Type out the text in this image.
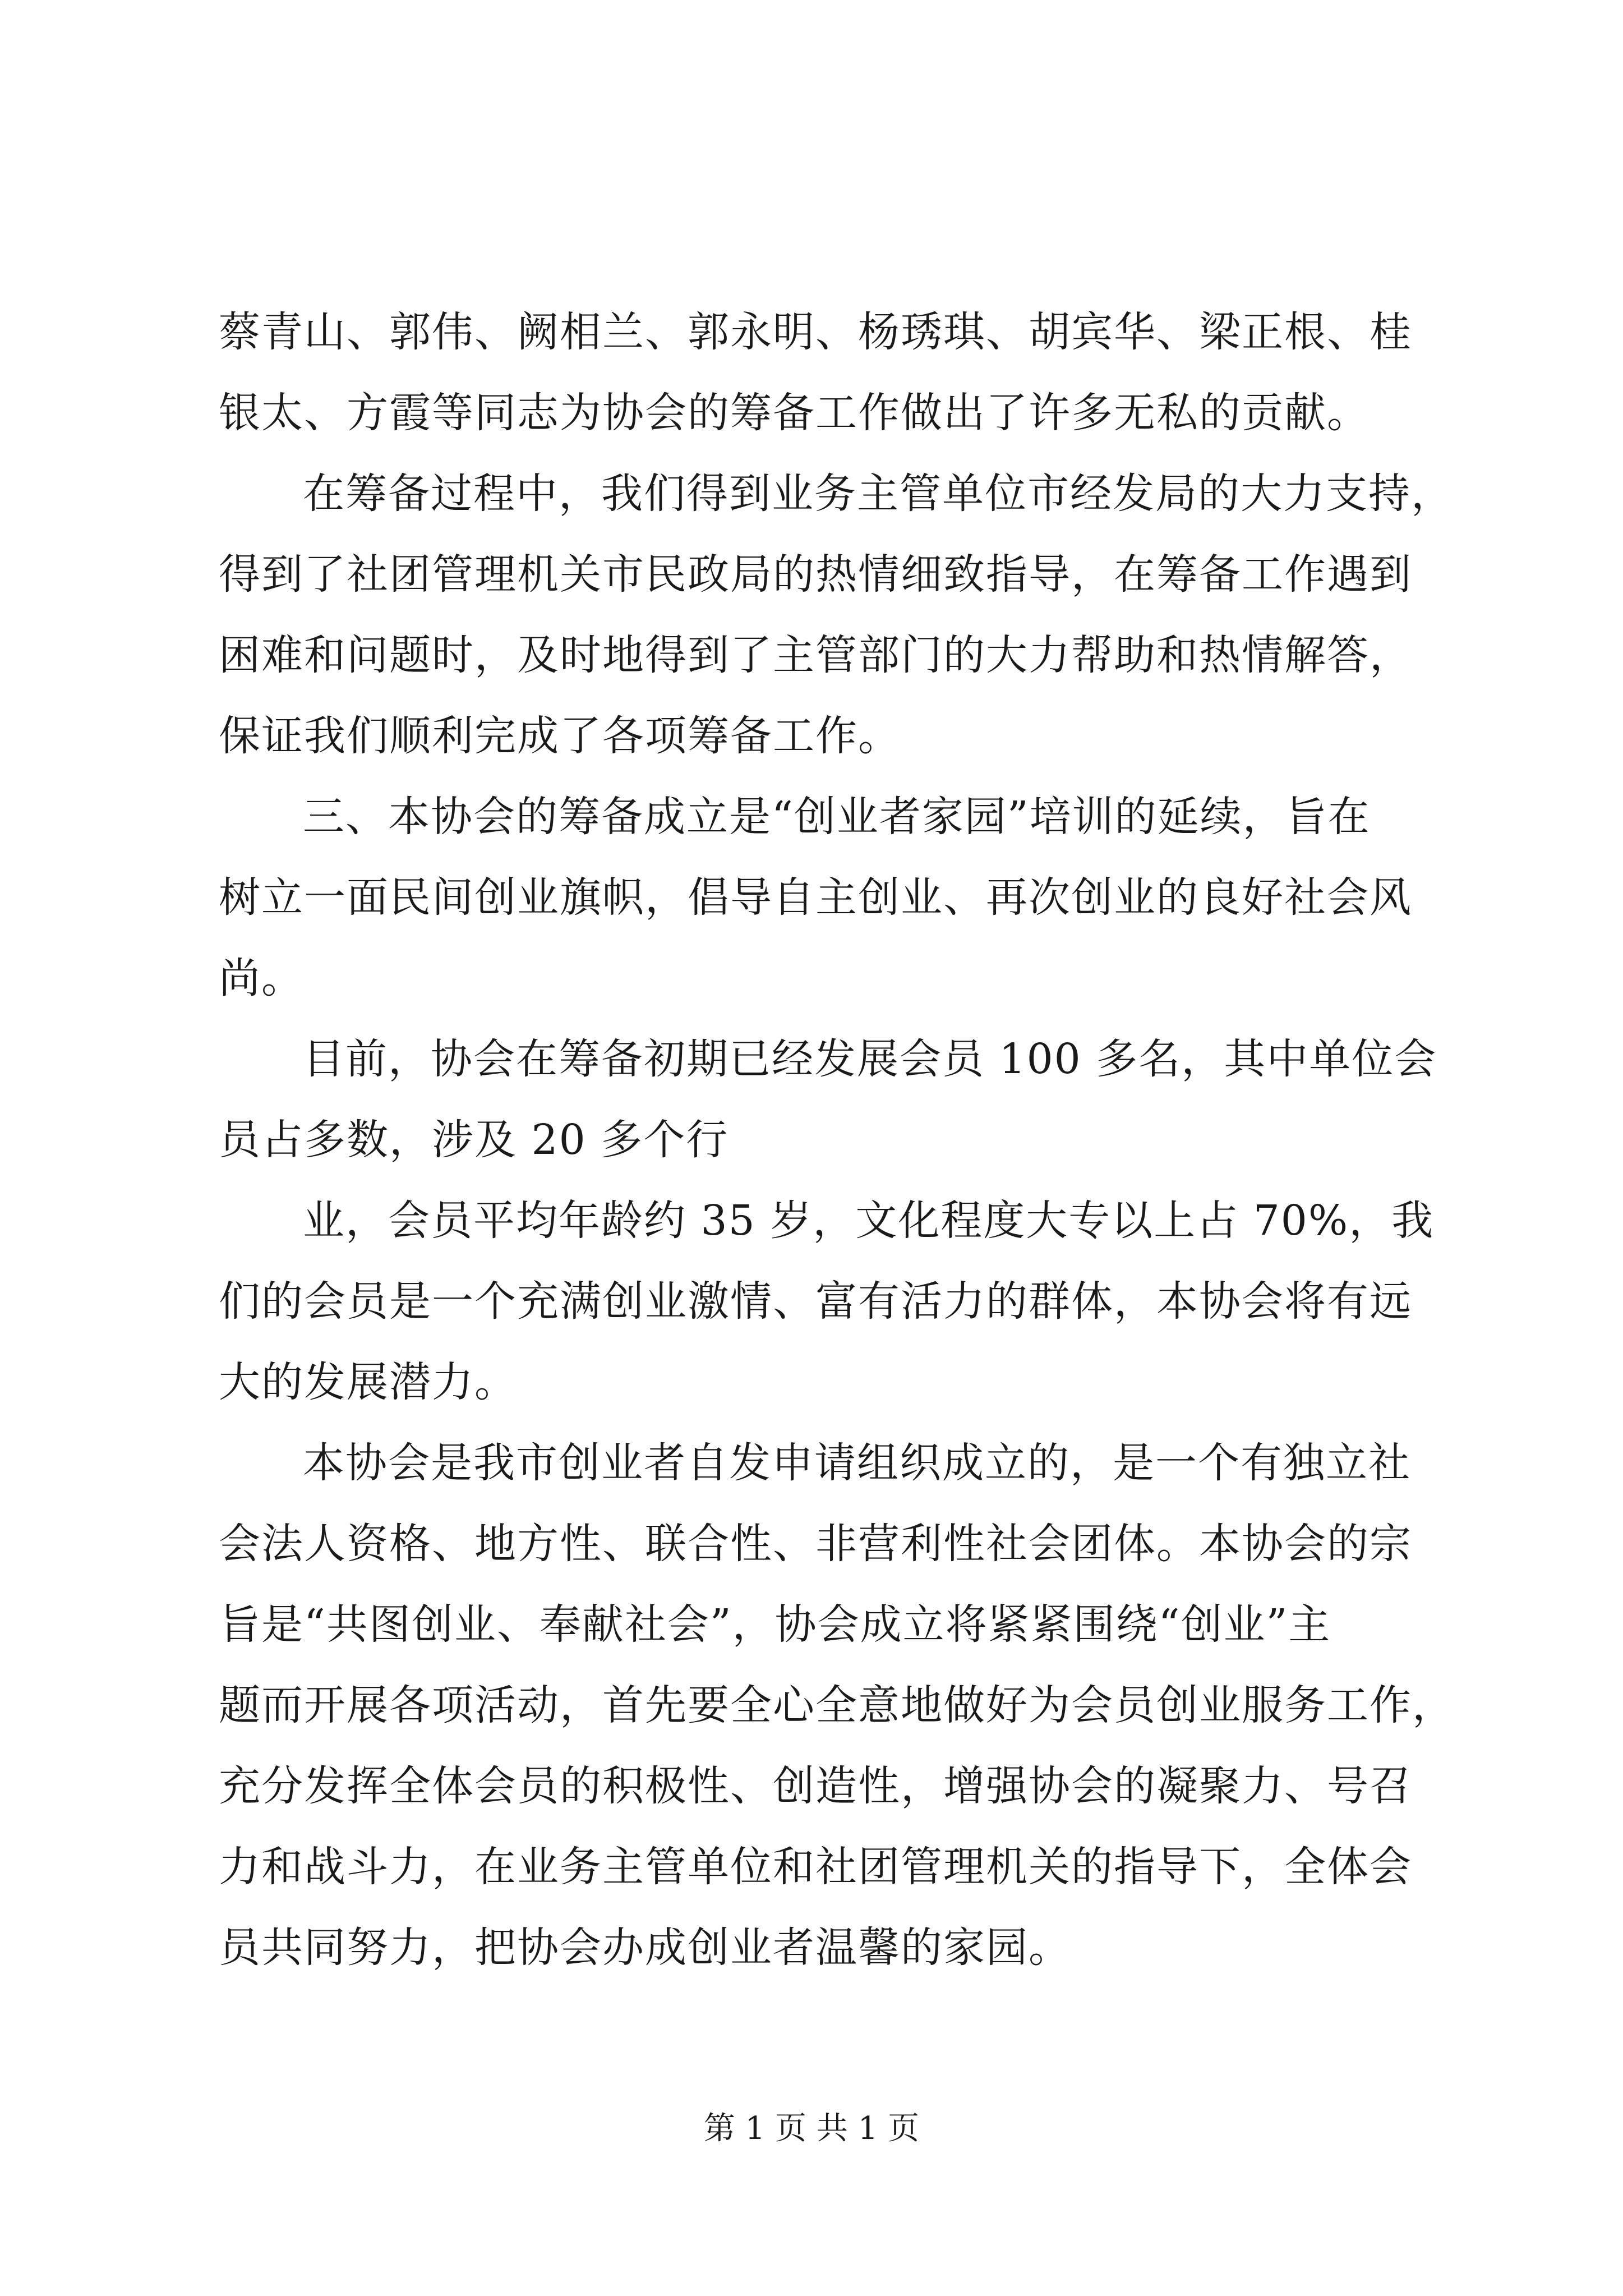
蔡青山、郭伟、阙相兰、郭永明、杨琇琪、胡宾华、梁正根、桂
银太、方霞等同志为协会的筹备工作做出了许多无私的贡献。
在筹备过程中，我们得到业务主管单位市经发局的大力支持，
得到了社团管理机关市民政局的热情细致指导，在筹备工作遇到
困难和问题时，及时地得到了主管部门的大力帮助和热情解答，
保证我们顺利完成了各项筹备工作。
三、本协会的筹备成立是“创业者家园”培训的延续，旨在
树立一面民间创业旗帜，倡导自主创业、再次创业的良好社会风
尚。
目前，协会在筹备初期已经发展会员 100 多名，其中单位会
员占多数，涉及 20 多个行
业，会员平均年龄约 35 岁，文化程度大专以上占 70%，我
们的会员是一个充满创业激情、富有活力的群体，本协会将有远
大的发展潜力。
本协会是我市创业者自发申请组织成立的，是一个有独立社
会法人资格、地方性、联合性、非营利性社会团体。本协会的宗
旨是“共图创业、奉献社会”，协会成立将紧紧围绕“创业”主
题而开展各项活动，首先要全心全意地做好为会员创业服务工作，
充分发挥全体会员的积极性、创造性，增强协会的凝聚力、号召
力和战斗力，在业务主管单位和社团管理机关的指导下，全体会
员共同努力，把协会办成创业者温馨的家园。
第 1 页 共 1 页
